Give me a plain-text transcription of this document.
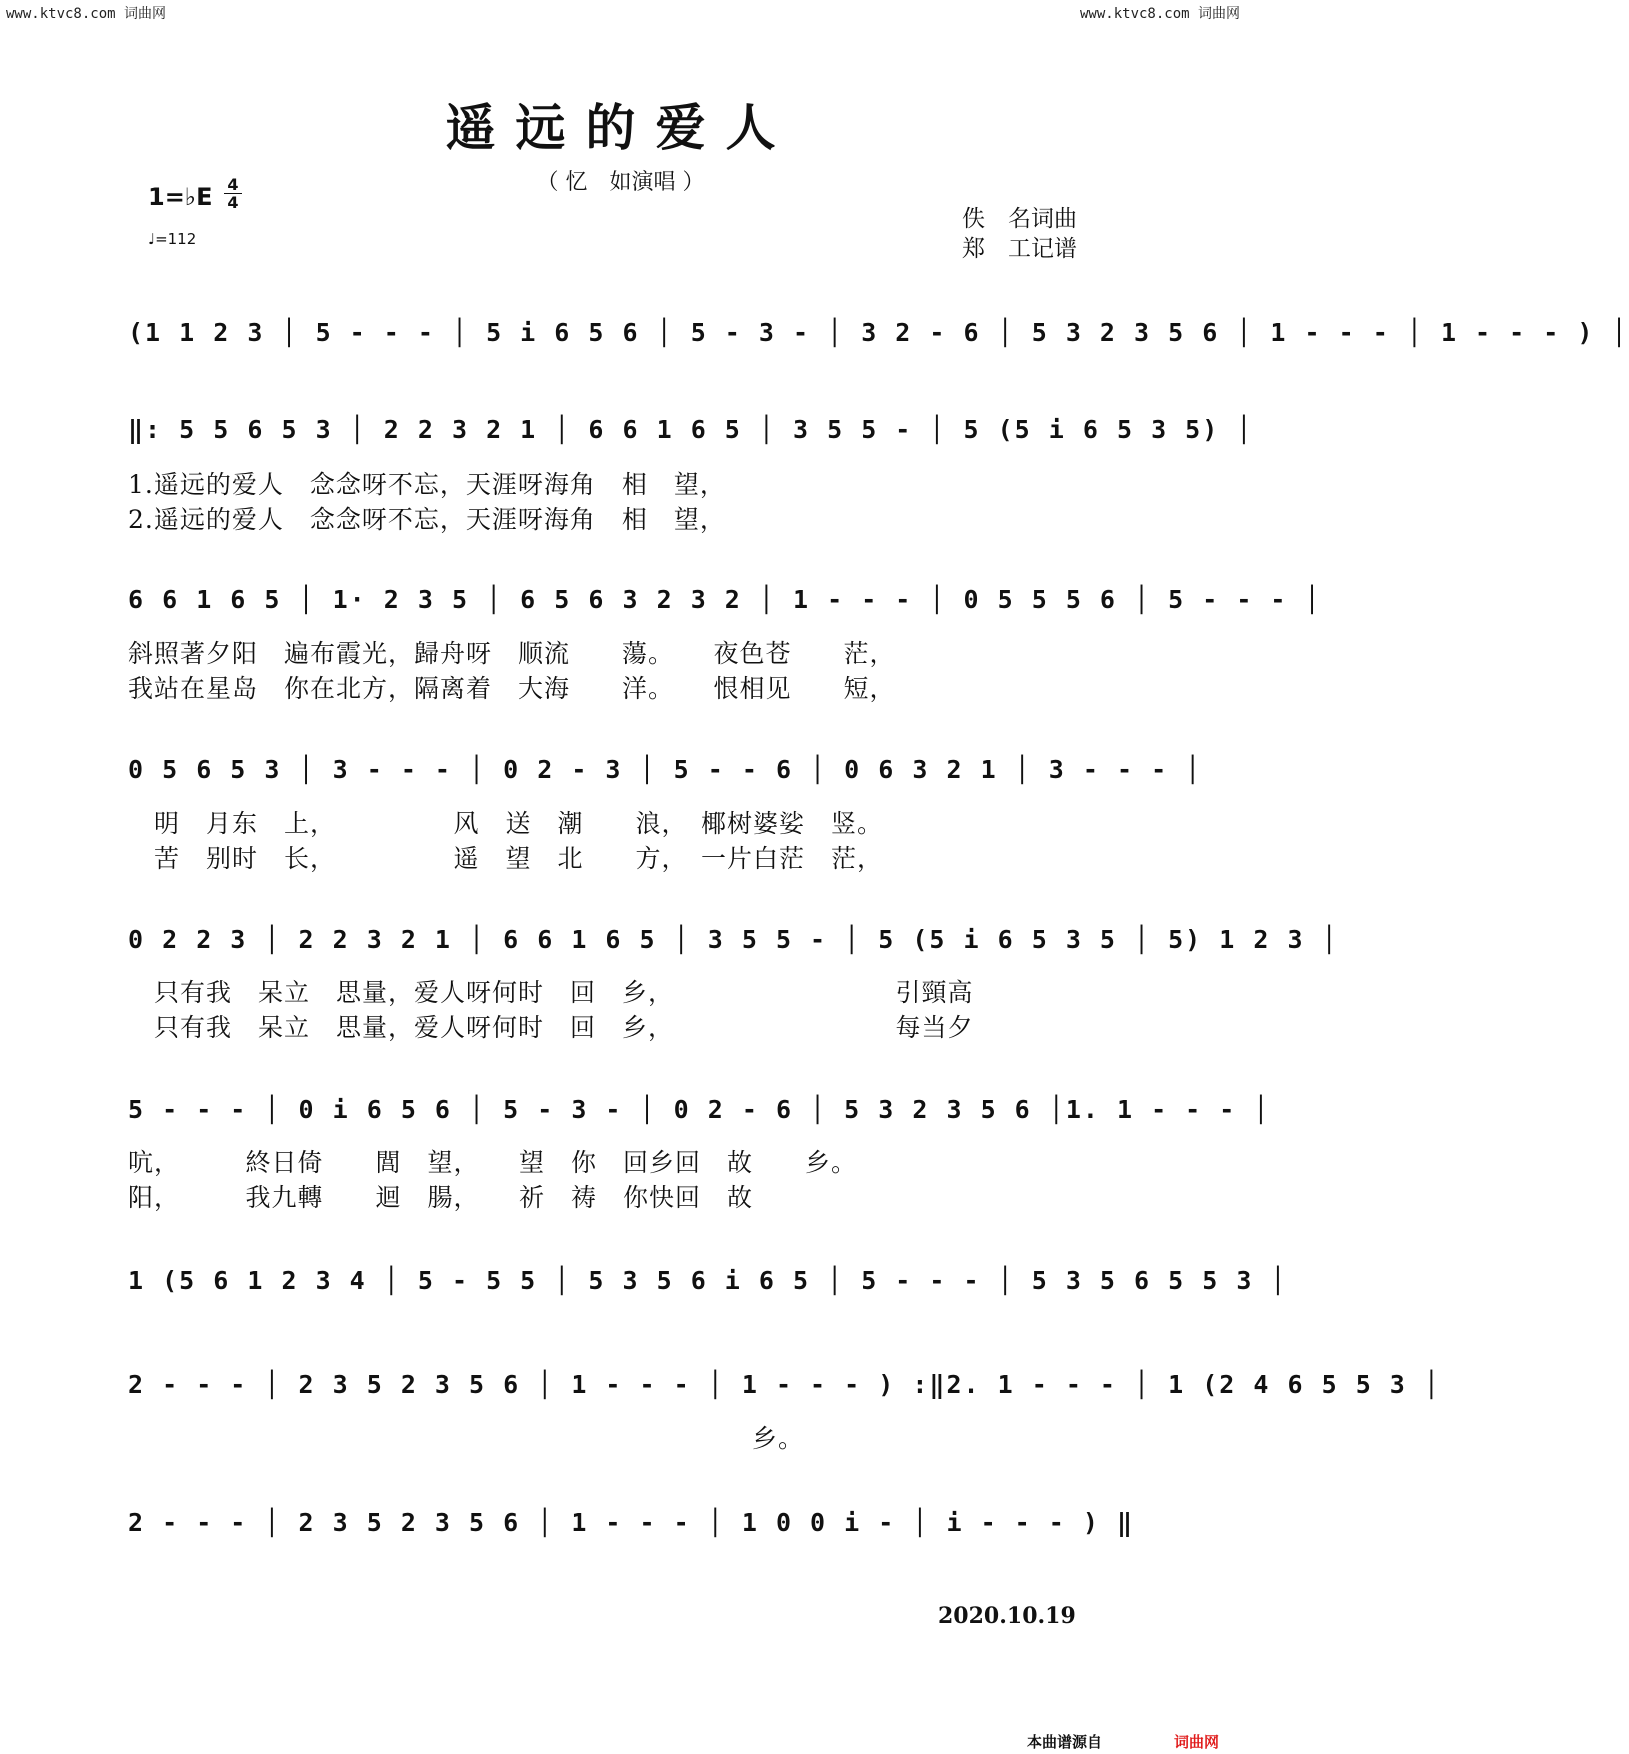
www.ktvc8.com 词曲网	www.ktvc8.com 词曲网
遥远的爱人
（ 忆　如演唱 ）
1=♭E 4
4
♩=112
佚　名词曲
郑　工记谱
(1 1 2 3 │ 5 - - - │ 5 i 6 5 6 │ 5 - 3 - │ 3 2 - 6 │ 5 3 2 3 5 6 │ 1 - - - │ 1 - - - ) │
‖: 5 5 6 5 3 │ 2 2 3 2 1 │ 6 6 1 6 5 │ 3 5 5 - │ 5 (5 i 6 5 3 5) │
1.遥远的爱人　念念呀不忘，天涯呀海角　相　望，
2.遥远的爱人　念念呀不忘，天涯呀海角　相　望，
6 6 1 6 5 │ 1· 2 3 5 │ 6 5 6 3 2 3 2 │ 1 - - - │ 0 5 5 5 6 │ 5 - - - │
斜照著夕阳　遍布霞光，歸舟呀　顺流　　蕩。　　夜色苍　　茫，
我站在星岛　你在北方，隔离着　大海　　洋。　　恨相见　　短，
0 5 6 5 3 │ 3 - - - │ 0 2 - 3 │ 5 - - 6 │ 0 6 3 2 1 │ 3 - - - │
　明　月东　上，　　　　　风　送　潮　　浪，　椰树婆娑　竖。
　苦　别时　长，　　　　　遥　望　北　　方，　一片白茫　茫，
0 2 2 3 │ 2 2 3 2 1 │ 6 6 1 6 5 │ 3 5 5 - │ 5 (5 i 6 5 3 5 │ 5) 1 2 3 │
　只有我　呆立　思量，爱人呀何时　回　乡，　　　　　　　　　引頸高
　只有我　呆立　思量，爱人呀何时　回　乡，　　　　　　　　　每当夕
5 - - - │ 0 i 6 5 6 │ 5 - 3 - │ 0 2 - 6 │ 5 3 2 3 5 6 │1. 1 - - - │
吭，　　　終日倚　　閭　望，　　望　你　回乡回　故　　乡。
阳，　　　我九轉　　迴　腸，　　祈　祷　你快回　故
1 (5 6 1 2 3 4 │ 5 - 5 5 │ 5 3 5 6 i 6 5 │ 5 - - - │ 5 3 5 6 5 5 3 │
2 - - - │ 2 3 5 2 3 5 6 │ 1 - - - │ 1 - - - ) :‖2. 1 - - - │ 1 (2 4 6 5 5 3 │
　　　　　　　　　　　　　　　　　　　　　　　　乡。
2 - - - │ 2 3 5 2 3 5 6 │ 1 - - - │ 1 0 0 i - │ i - - - ) ‖
2020.10.19
本曲谱源自	词曲网
